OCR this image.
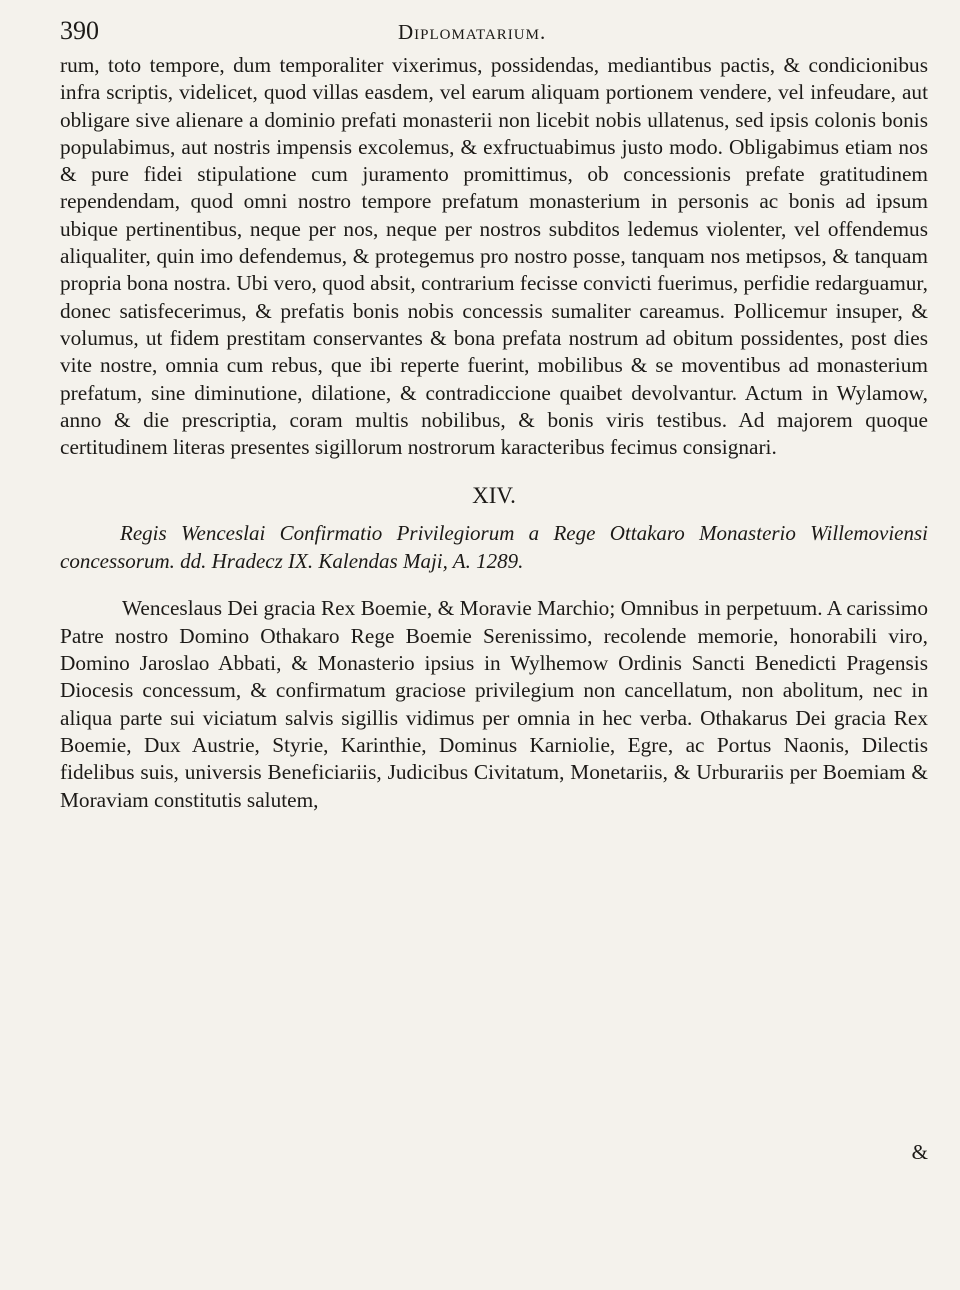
390	Diplomatarium.

rum, toto tempore, dum temporaliter vixerimus, possidendas, mediantibus pactis, & condicionibus infra scriptis, videlicet, quod villas easdem, vel earum aliquam portionem vendere, vel infeudare, aut obligare sive alienare a dominio prefati monasterii non licebit nobis ullatenus, sed ipsis colonis bonis populabimus, aut nostris impensis excolemus, & exfructuabimus justo modo. Obligabimus etiam nos & pure fidei stipulatione cum juramento promittimus, ob concessionis prefate gratitudinem rependendam, quod omni nostro tempore prefatum monasterium in personis ac bonis ad ipsum ubique pertinentibus, neque per nos, neque per nostros subditos ledemus violenter, vel offendemus aliqualiter, quin imo defendemus, & protegemus pro nostro posse, tanquam nos metipsos, & tanquam propria bona nostra. Ubi vero, quod absit, contrarium fecisse convicti fuerimus, perfidie redarguamur, donec satisfecerimus, & prefatis bonis nobis concessis sumaliter careamus. Pollicemur insuper, & volumus, ut fidem prestitam conservantes & bona prefata nostrum ad obitum possidentes, post dies vite nostre, omnia cum rebus, que ibi reperte fuerint, mobilibus & se moventibus ad monasterium prefatum, sine diminutione, dilatione, & contradiccione quaibet devolvantur. Actum in Wylamow, anno & die prescriptia, coram multis nobilibus, & bonis viris testibus. Ad majorem quoque certitudinem literas presentes sigillorum nostrorum karacteribus fecimus consignari.

XIV.

Regis Wenceslai Confirmatio Privilegiorum a Rege Ottakaro Monasterio Willemoviensi concessorum. dd. Hradecz IX. Kalendas Maji, A. 1289.

Wenceslaus Dei gracia Rex Boemie, & Moravie Marchio; Omnibus in perpetuum. A carissimo Patre nostro Domino Othakaro Rege Boemie Serenissimo, recolende memorie, honorabili viro, Domino Jaroslao Abbati, & Monasterio ipsius in Wylhemow Ordinis Sancti Benedicti Pragensis Diocesis concessum, & confirmatum graciose privilegium non cancellatum, non abolitum, nec in aliqua parte sui viciatum salvis sigillis vidimus per omnia in hec verba. Othakarus Dei gracia Rex Boemie, Dux Austrie, Styrie, Karinthie, Dominus Karniolie, Egre, ac Portus Naonis, Dilectis fidelibus suis, universis Beneficiariis, Judicibus Civitatum, Monetariis, & Urburariis per Boemiam & Moraviam constitutis salutem,

&
